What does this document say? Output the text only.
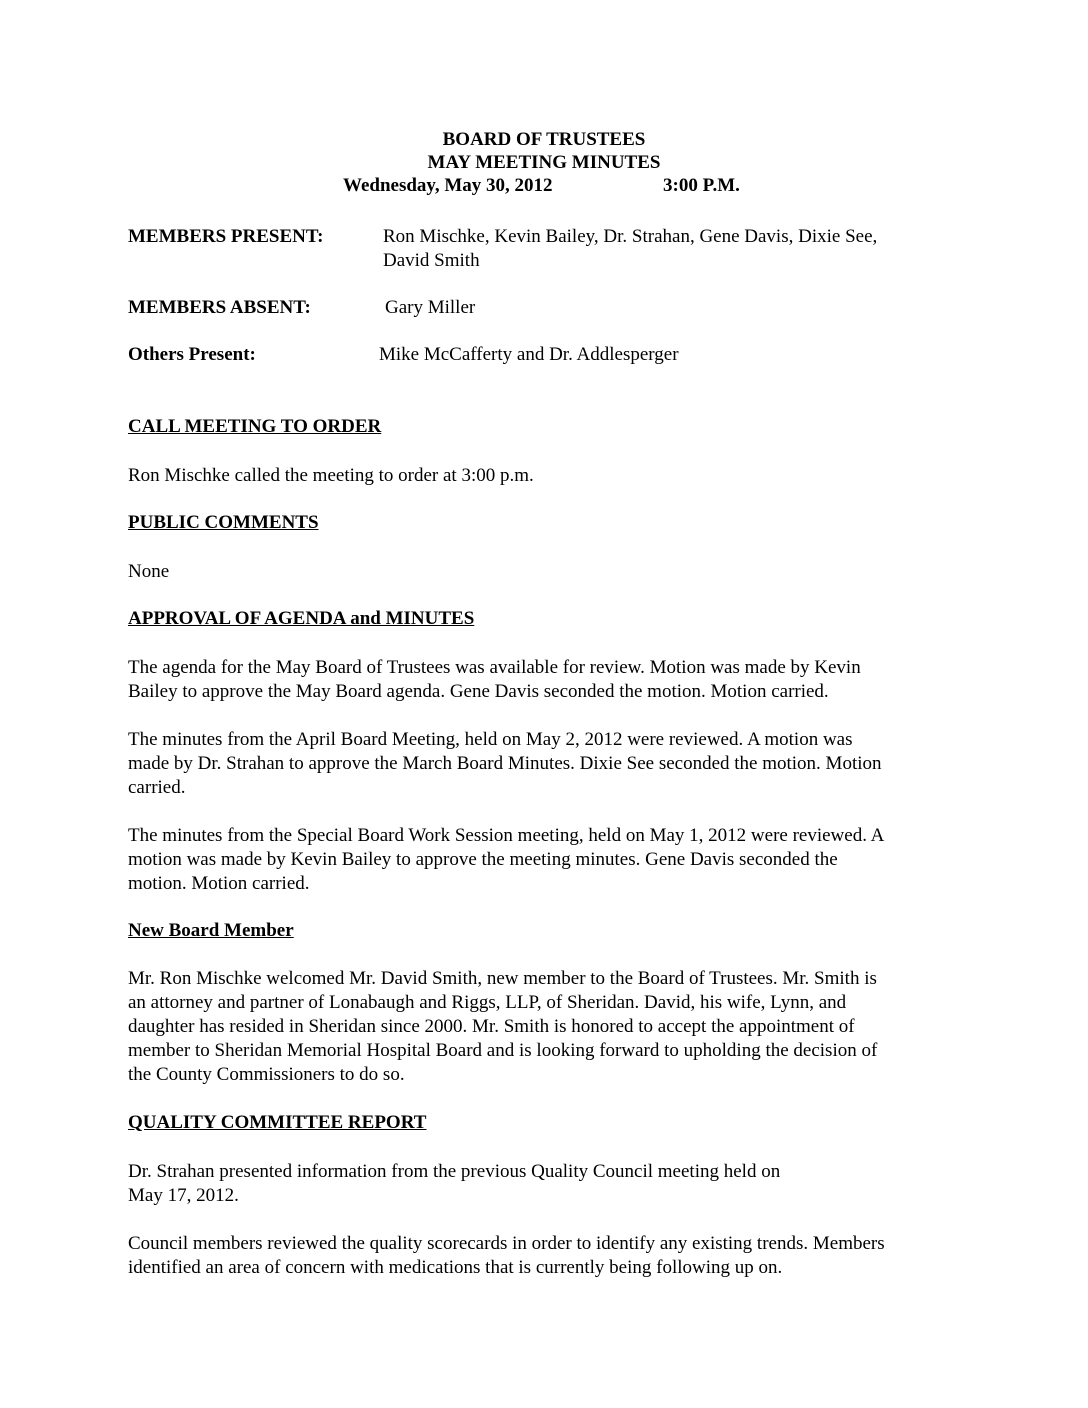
BOARD OF TRUSTEES
MAY MEETING MINUTES
Wednesday, May 30, 2012	3:00 P.M.
MEMBERS PRESENT:	Ron Mischke, Kevin Bailey, Dr. Strahan, Gene Davis, Dixie See,
David Smith
MEMBERS ABSENT:	Gary Miller
Others Present:	Mike McCafferty and Dr. Addlesperger
CALL MEETING TO ORDER
Ron Mischke called the meeting to order at 3:00 p.m.
PUBLIC COMMENTS
None
APPROVAL OF AGENDA and MINUTES
The agenda for the May Board of Trustees was available for review. Motion was made by Kevin
Bailey to approve the May Board agenda. Gene Davis seconded the motion. Motion carried.
The minutes from the April Board Meeting, held on May 2, 2012 were reviewed. A motion was
made by Dr. Strahan to approve the March Board Minutes. Dixie See seconded the motion. Motion
carried.
The minutes from the Special Board Work Session meeting, held on May 1, 2012 were reviewed. A
motion was made by Kevin Bailey to approve the meeting minutes. Gene Davis seconded the
motion. Motion carried.
New Board Member
Mr. Ron Mischke welcomed Mr. David Smith, new member to the Board of Trustees. Mr. Smith is
an attorney and partner of Lonabaugh and Riggs, LLP, of Sheridan. David, his wife, Lynn, and
daughter has resided in Sheridan since 2000. Mr. Smith is honored to accept the appointment of
member to Sheridan Memorial Hospital Board and is looking forward to upholding the decision of
the County Commissioners to do so.
QUALITY COMMITTEE REPORT
Dr. Strahan presented information from the previous Quality Council meeting held on
May 17, 2012.
Council members reviewed the quality scorecards in order to identify any existing trends. Members
identified an area of concern with medications that is currently being following up on.
